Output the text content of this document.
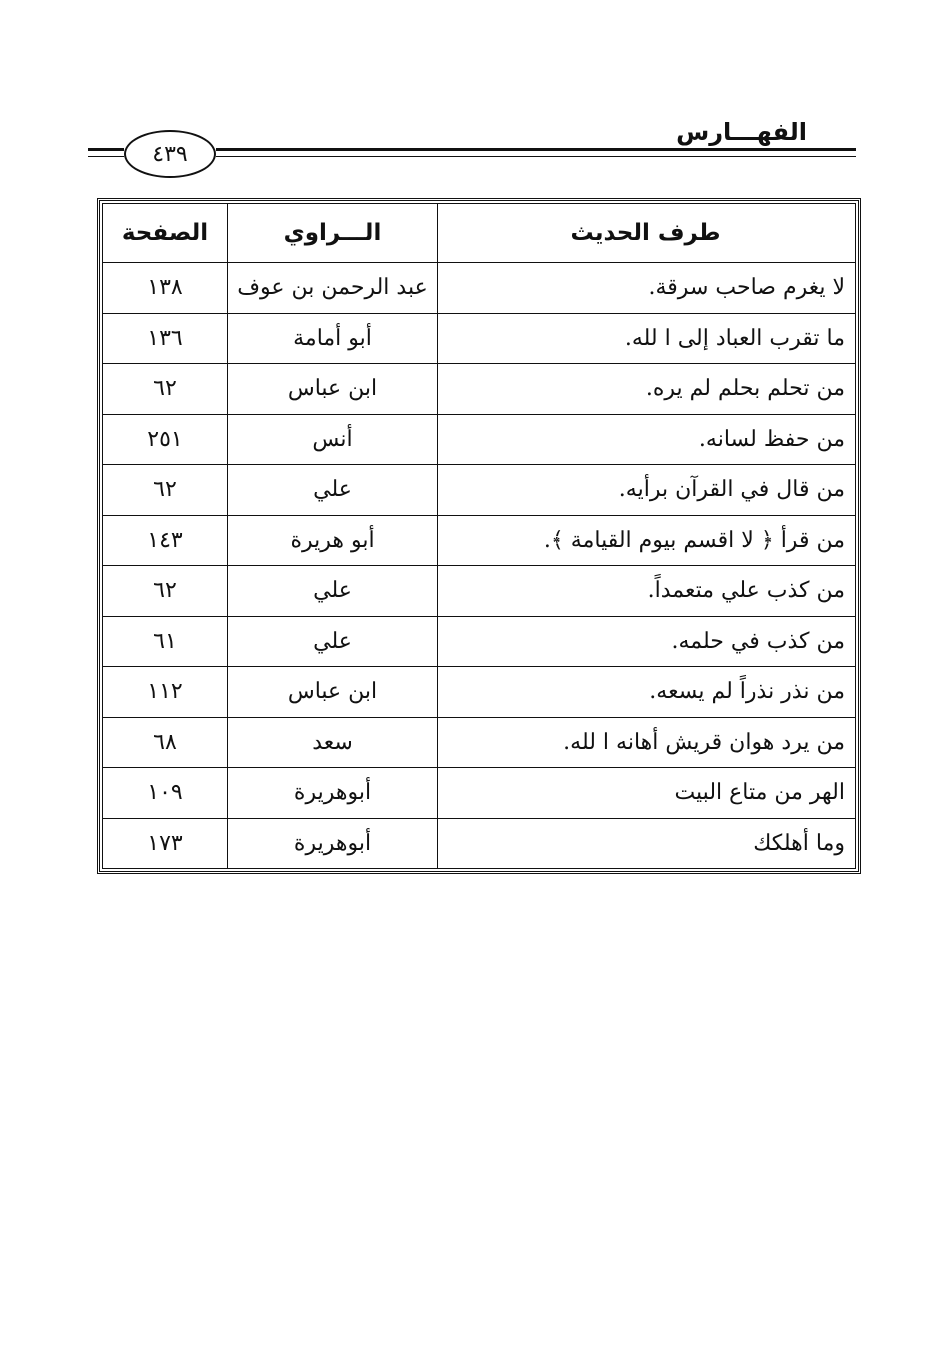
الفهـــارس
٤٣٩
طرف الحديث	الـــراوي	الصفحة
لا يغرم صاحب سرقة.	عبد الرحمن بن عوف	١٣٨
ما تقرب العباد إلى ا لله.	أبو أمامة	١٣٦
من تحلم بحلم لم يره.	ابن عباس	٦٢
من حفظ لسانه.	أنس	٢٥١
من قال في القرآن برأيه.	علي	٦٢
من قرأ ﴿ لا اقسم بيوم القيامة ﴾.	أبو هريرة	١٤٣
من كذب علي متعمداً.	علي	٦٢
من كذب في حلمه.	علي	٦١
من نذر نذراً لم يسعه.	ابن عباس	١١٢
من يرد هوان قريش أهانه ا لله.	سعد	٦٨
الهر من متاع البيت	أبوهريرة	١٠٩
وما أهلكك	أبوهريرة	١٧٣
